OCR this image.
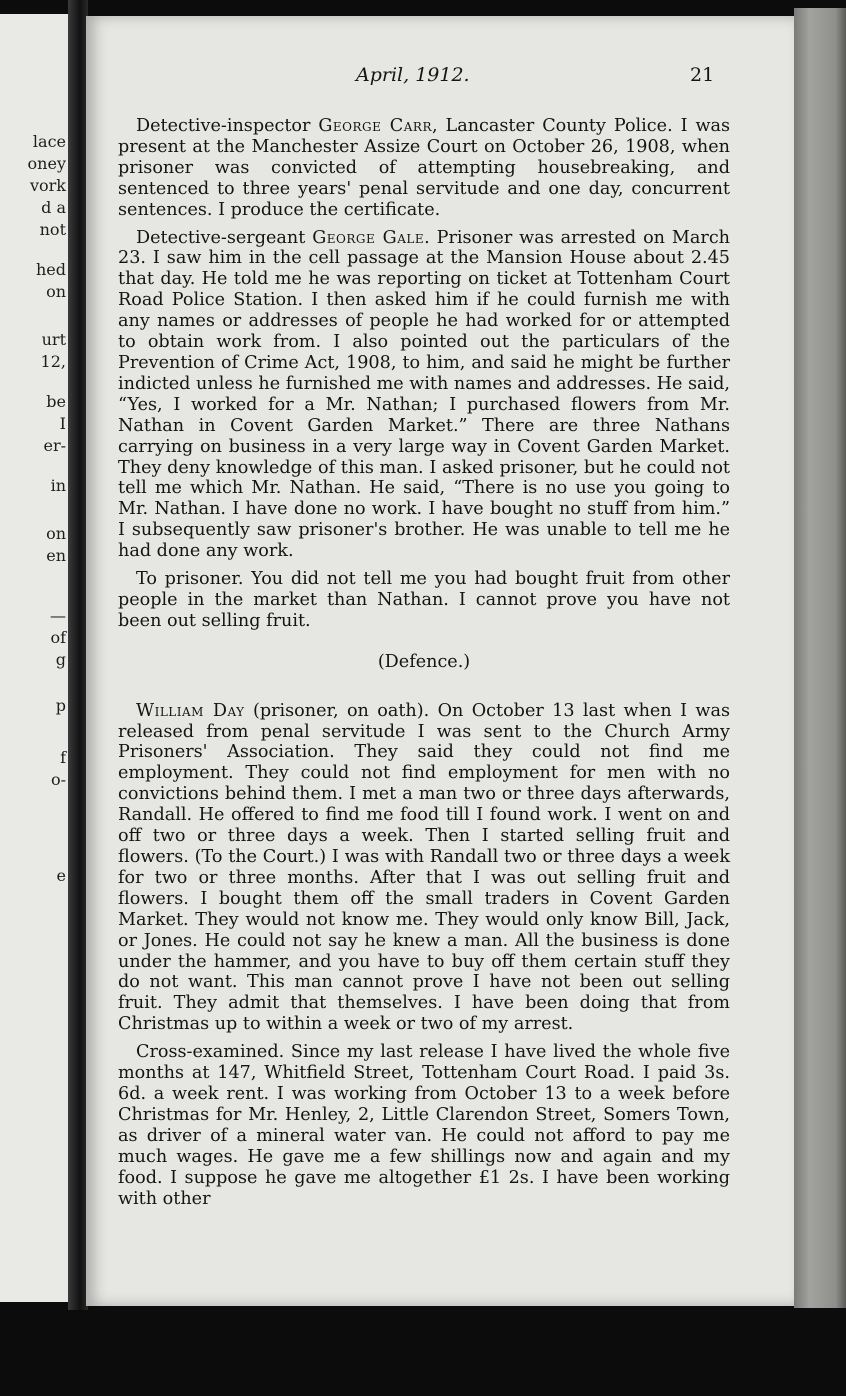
lace
oney
vork
d a
not
hed
on
urt
12,
be
I
er-
in
on
en
—
of
g
p
f
o-
e
April, 1912.	21

Detective-inspector George Carr, Lancaster County Police. I was present at the Manchester Assize Court on October 26, 1908, when prisoner was convicted of attempting housebreaking, and sentenced to three years' penal servitude and one day, concurrent sentences. I produce the certificate.

Detective-sergeant George Gale. Prisoner was arrested on March 23. I saw him in the cell passage at the Mansion House about 2.45 that day. He told me he was reporting on ticket at Tottenham Court Road Police Station. I then asked him if he could furnish me with any names or addresses of people he had worked for or attempted to obtain work from. I also pointed out the particulars of the Prevention of Crime Act, 1908, to him, and said he might be further indicted unless he furnished me with names and addresses. He said, “Yes, I worked for a Mr. Nathan; I purchased flowers from Mr. Nathan in Covent Garden Market.” There are three Nathans carrying on business in a very large way in Covent Garden Market. They deny knowledge of this man. I asked prisoner, but he could not tell me which Mr. Nathan. He said, “There is no use you going to Mr. Nathan. I have done no work. I have bought no stuff from him.” I subsequently saw prisoner's brother. He was unable to tell me he had done any work.

To prisoner. You did not tell me you had bought fruit from other people in the market than Nathan. I cannot prove you have not been out selling fruit.

(Defence.)

William Day (prisoner, on oath). On October 13 last when I was released from penal servitude I was sent to the Church Army Prisoners' Association. They said they could not find me employment. They could not find employment for men with no convictions behind them. I met a man two or three days afterwards, Randall. He offered to find me food till I found work. I went on and off two or three days a week. Then I started selling fruit and flowers. (To the Court.) I was with Randall two or three days a week for two or three months. After that I was out selling fruit and flowers. I bought them off the small traders in Covent Garden Market. They would not know me. They would only know Bill, Jack, or Jones. He could not say he knew a man. All the business is done under the hammer, and you have to buy off them certain stuff they do not want. This man cannot prove I have not been out selling fruit. They admit that themselves. I have been doing that from Christmas up to within a week or two of my arrest.

Cross-examined. Since my last release I have lived the whole five months at 147, Whitfield Street, Tottenham Court Road. I paid 3s. 6d. a week rent. I was working from October 13 to a week before Christmas for Mr. Henley, 2, Little Clarendon Street, Somers Town, as driver of a mineral water van. He could not afford to pay me much wages. He gave me a few shillings now and again and my food. I suppose he gave me altogether £1 2s. I have been working with other
